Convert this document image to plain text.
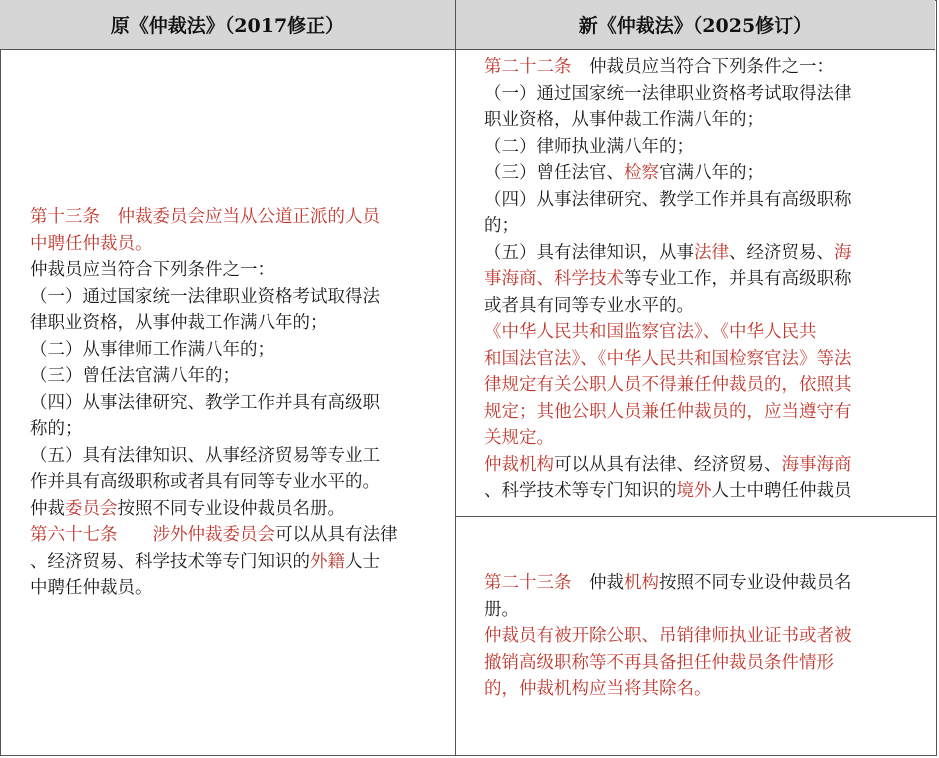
原《仲裁法》（2017修正）	新《仲裁法》（2025修订）
第十三条　仲裁委员会应当从公道正派的人员
中聘任仲裁员。
仲裁员应当符合下列条件之一：
（一）通过国家统一法律职业资格考试取得法
律职业资格，从事仲裁工作满八年的；
（二）从事律师工作满八年的；
（三）曾任法官满八年的；
（四）从事法律研究、教学工作并具有高级职
称的；
（五）具有法律知识、从事经济贸易等专业工
作并具有高级职称或者具有同等专业水平的。
仲裁委员会按照不同专业设仲裁员名册。
第六十七条　　涉外仲裁委员会可以从具有法律
、经济贸易、科学技术等专门知识的外籍人士
中聘任仲裁员。
第二十二条　仲裁员应当符合下列条件之一：
（一）通过国家统一法律职业资格考试取得法律
职业资格，从事仲裁工作满八年的；
（二）律师执业满八年的；
（三）曾任法官、检察官满八年的；
（四）从事法律研究、教学工作并具有高级职称
的；
（五）具有法律知识，从事法律、经济贸易、海
事海商、科学技术等专业工作，并具有高级职称
或者具有同等专业水平的。
《中华人民共和国监察官法》、《中华人民共
和国法官法》、《中华人民共和国检察官法》等法
律规定有关公职人员不得兼任仲裁员的，依照其
规定；其他公职人员兼任仲裁员的，应当遵守有
关规定。
仲裁机构可以从具有法律、经济贸易、海事海商
、科学技术等专门知识的境外人士中聘任仲裁员
第二十三条　仲裁机构按照不同专业设仲裁员名
册。
仲裁员有被开除公职、吊销律师执业证书或者被
撤销高级职称等不再具备担任仲裁员条件情形
的，仲裁机构应当将其除名。
